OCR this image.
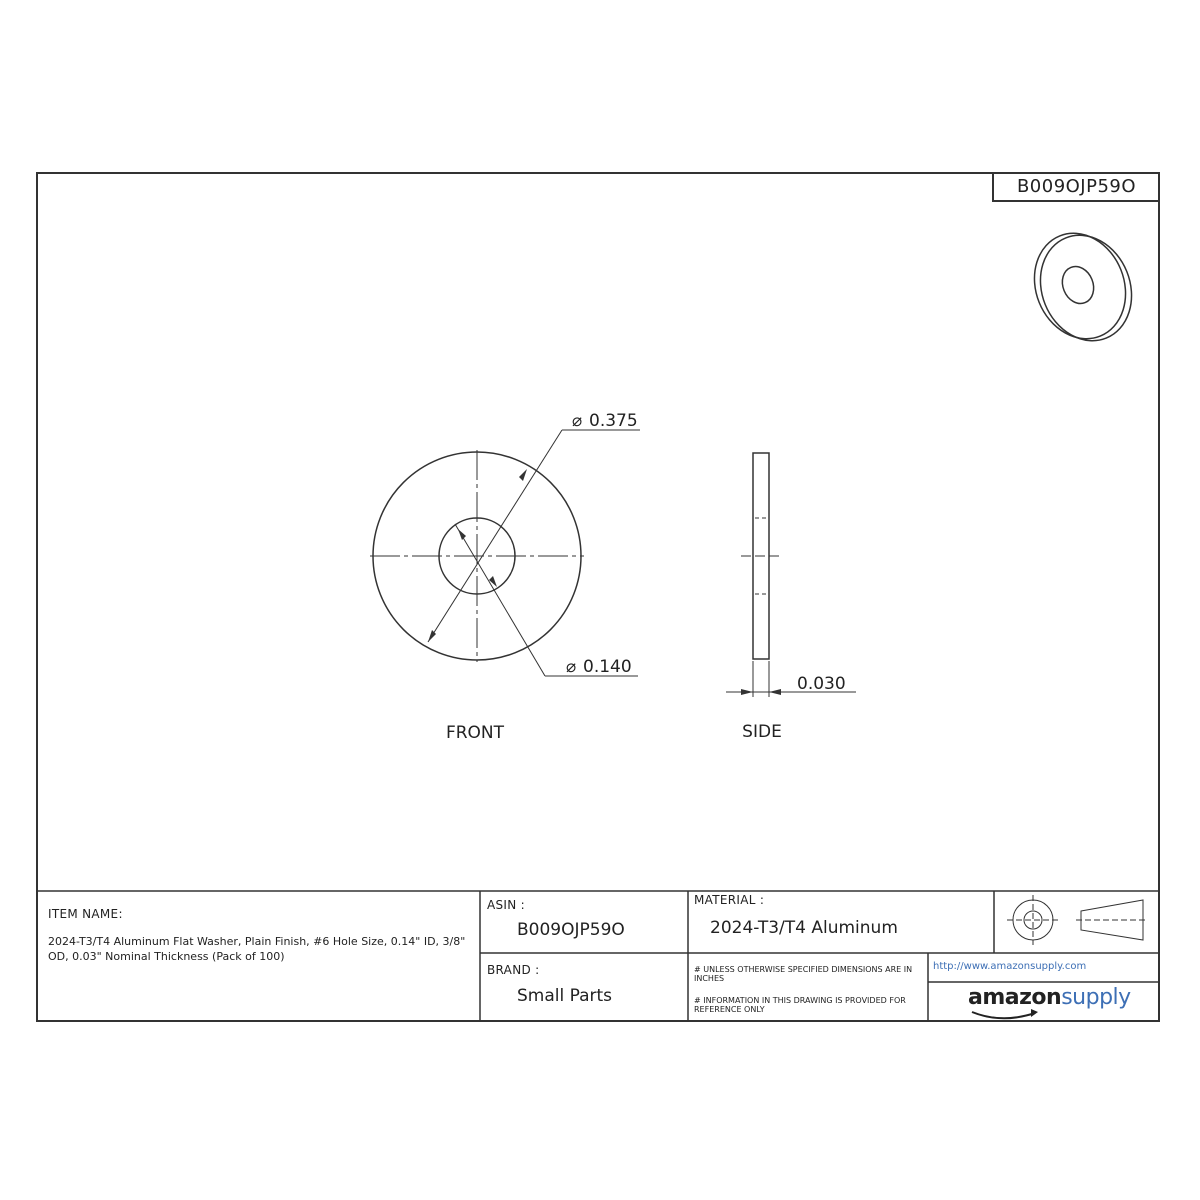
B009OJP59O
⌀ 0.375
⌀ 0.140
0.030
FRONT	SIDE
ITEM NAME:
2024-T3/T4 Aluminum Flat Washer, Plain Finish, #6 Hole Size, 0.14" ID, 3/8" OD, 0.03" Nominal Thickness (Pack of 100)
ASIN :
B009OJP59O
MATERIAL :
2024-T3/T4 Aluminum
BRAND :
Small Parts
# UNLESS OTHERWISE SPECIFIED DIMENSIONS ARE IN INCHES
# INFORMATION IN THIS DRAWING IS PROVIDED FOR REFERENCE ONLY
http://www.amazonsupply.com
amazonsupply
